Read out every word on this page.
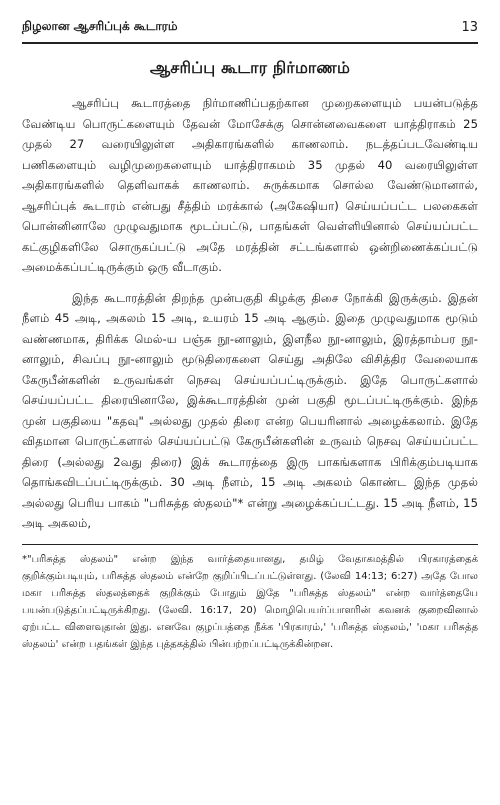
நிழலான ஆசரிப்புக் கூடாரம்	13
ஆசரிப்பு கூடார நிர்மாணம்

ஆசரிப்பு கூடாரத்தை நிர்மாணிப்பதற்கான முறைகளையும் பயன்படுத்த வேண்டிய பொருட்களையும் தேவன் மோசேக்கு சொன்னவைகளை யாத்திராகம் 25 முதல் 27 வரையிலுள்ள அதிகாரங்களில் காணலாம். நடத்தப்படவேண்டிய பணிகளையும் வழிமுறைகளையும் யாத்திராகமம் 35 முதல் 40 வரையிலுள்ள அதிகாரங்களில் தெளிவாகக் காணலாம். சுருக்கமாக சொல்ல வேண்டுமானால், ஆசரிப்புக் கூடாரம் என்பது சீத்திம் மரக்கால் (அகேஷியா) செய்யப்பட்ட பலகைகள் பொன்னினாலே முழுவதுமாக மூடப்பட்டு, பாதங்கள் வெள்ளியினால் செய்யப்பட்ட கட்குழிகளிலே சொருகப்பட்டு அதே மரத்தின் சட்டங்களால் ஒன்றிணைக்கப்பட்டு அமைக்கப்பட்டிருக்கும் ஒரு வீடாகும்.

இந்த கூடாரத்தின் திறந்த முன்பகுதி கிழக்கு திசை நோக்கி இருக்கும். இதன் நீளம் 45 அடி, அகலம் 15 அடி, உயரம் 15 அடி ஆகும். இதை முழுவதுமாக மூடும் வண்ணமாக, திரிக்க மெல்-ய பஞ்சு நூ-னாலும், இளநீல நூ-னாலும், இரத்தாம்பர நூ-னாலும், சிவப்பு நூ-னாலும் மூடுதிரைகளை செய்து அதிலே விசித்திர வேலையாக கேருபீன்களின் உருவங்கள் நெசவு செய்யப்பட்டிருக்கும். இதே பொருட்களால் செய்யப்பட்ட திரையினாலே, இக்கூடாரத்தின் முன் பகுதி மூடப்பட்டிருக்கும். இந்த முன் பகுதியை "கதவு" அல்லது முதல் திரை என்ற பெயரினால் அழைக்கலாம். இதே விதமான பொருட்களால் செய்யப்பட்டு கேருபீன்களின் உருவம் நெசவு செய்யப்பட்ட திரை (அல்லது 2வது திரை) இக் கூடாரத்தை இரு பாகங்களாக பிரிக்கும்படியாக தொங்கவிடப்பட்டிருக்கும். 30 அடி நீளம், 15 அடி அகலம் கொண்ட இந்த முதல் அல்லது பெரிய பாகம் "பரிசுத்த ஸ்தலம்"* என்று அழைக்கப்பட்டது. 15 அடி நீளம், 15 அடி அகலம்,

*"பரிசுத்த ஸ்தலம்" என்ற இந்த வார்த்தையானது, தமிழ் வேதாகமத்தில் பிரகாரத்தைக் குறிக்கும்படியும், பரிசுத்த ஸ்தலம் என்றே குறிப்பிடப்பட்டுள்ளது. (லேவி 14:13; 6:27) அதே போல மகா பரிசுத்த ஸ்தலத்தைக் குறிக்கும் போதும் இதே "பரிசுத்த ஸ்தலம்" என்ற வார்த்தையே பயன்படுத்தப்பட்டிருக்கிறது. (லேவி. 16:17, 20) மொழிபெயர்ப்பாளரின் கவனக் குறைவினால் ஏற்பட்ட விளைவுதான் இது. எனவே குழப்பத்தை நீக்க 'பிரகாரம்,' 'பரிசுத்த ஸ்தலம்,' 'மகா பரிசுத்த ஸ்தலம்' என்ற பதங்கள் இந்த புத்தகத்தில் பின்பற்றப்பட்டிருக்கின்றன.
